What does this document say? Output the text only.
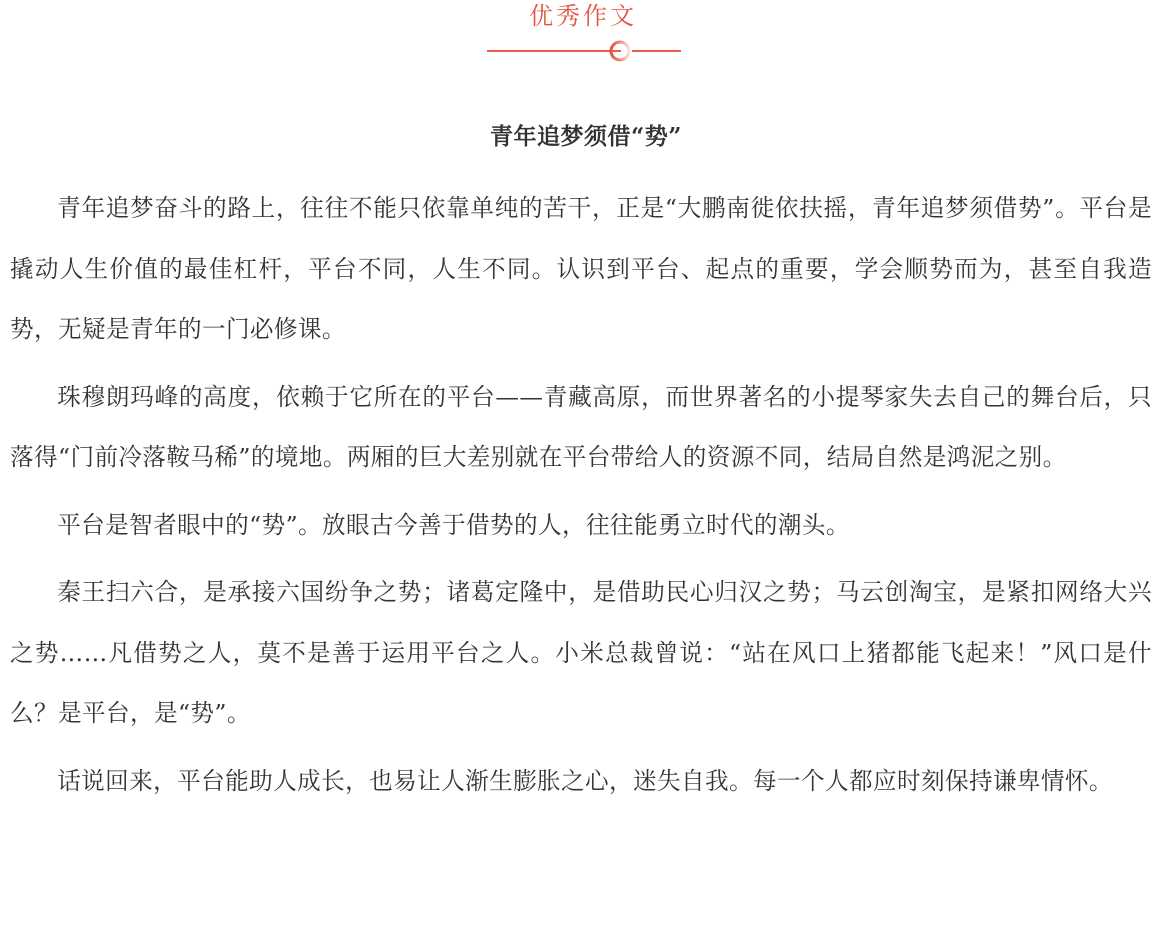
优秀作文
青年追梦须借“势”

青年追梦奋斗的路上，往往不能只依靠单纯的苦干，正是“大鹏南徙依扶摇，青年追梦须借势”。平台是撬动人生价值的最佳杠杆，平台不同，人生不同。认识到平台、起点的重要，学会顺势而为，甚至自我造势，无疑是青年的一门必修课。

珠穆朗玛峰的高度，依赖于它所在的平台——青藏高原，而世界著名的小提琴家失去自己的舞台后，只落得“门前冷落鞍马稀”的境地。两厢的巨大差别就在平台带给人的资源不同，结局自然是鸿泥之别。

平台是智者眼中的“势”。放眼古今善于借势的人，往往能勇立时代的潮头。

秦王扫六合，是承接六国纷争之势；诸葛定隆中，是借助民心归汉之势；马云创淘宝，是紧扣网络大兴之势……凡借势之人，莫不是善于运用平台之人。小米总裁曾说：“站在风口上猪都能飞起来！”风口是什么？是平台，是“势”。

话说回来，平台能助人成长，也易让人渐生膨胀之心，迷失自我。每一个人都应时刻保持谦卑情怀。
